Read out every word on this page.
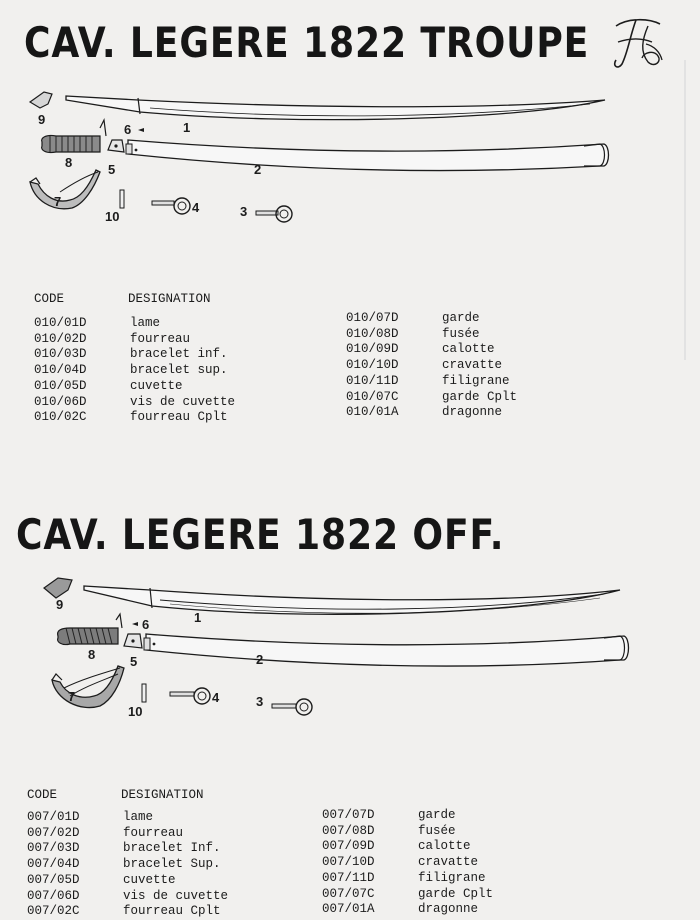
CAV. LEGERE 1822 TROUPE
1
2
3
4
5
6
7
8
9
10
CODE	DESIGNATION
010/01D	lame
010/02D	fourreau
010/03D	bracelet inf.
010/04D	bracelet sup.
010/05D	cuvette
010/06D	vis de cuvette
010/02C	fourreau Cplt
010/07D	garde
010/08D	fusée
010/09D	calotte
010/10D	cravatte
010/11D	filigrane
010/07C	garde Cplt
010/01A	dragonne
CAV. LEGERE 1822 OFF.
1
2
3
4
5
6
7
8
9
10
CODE	DESIGNATION
007/01D	lame
007/02D	fourreau
007/03D	bracelet Inf.
007/04D	bracelet Sup.
007/05D	cuvette
007/06D	vis de cuvette
007/02C	fourreau Cplt
007/07D	garde
007/08D	fusée
007/09D	calotte
007/10D	cravatte
007/11D	filigrane
007/07C	garde Cplt
007/01A	dragonne
